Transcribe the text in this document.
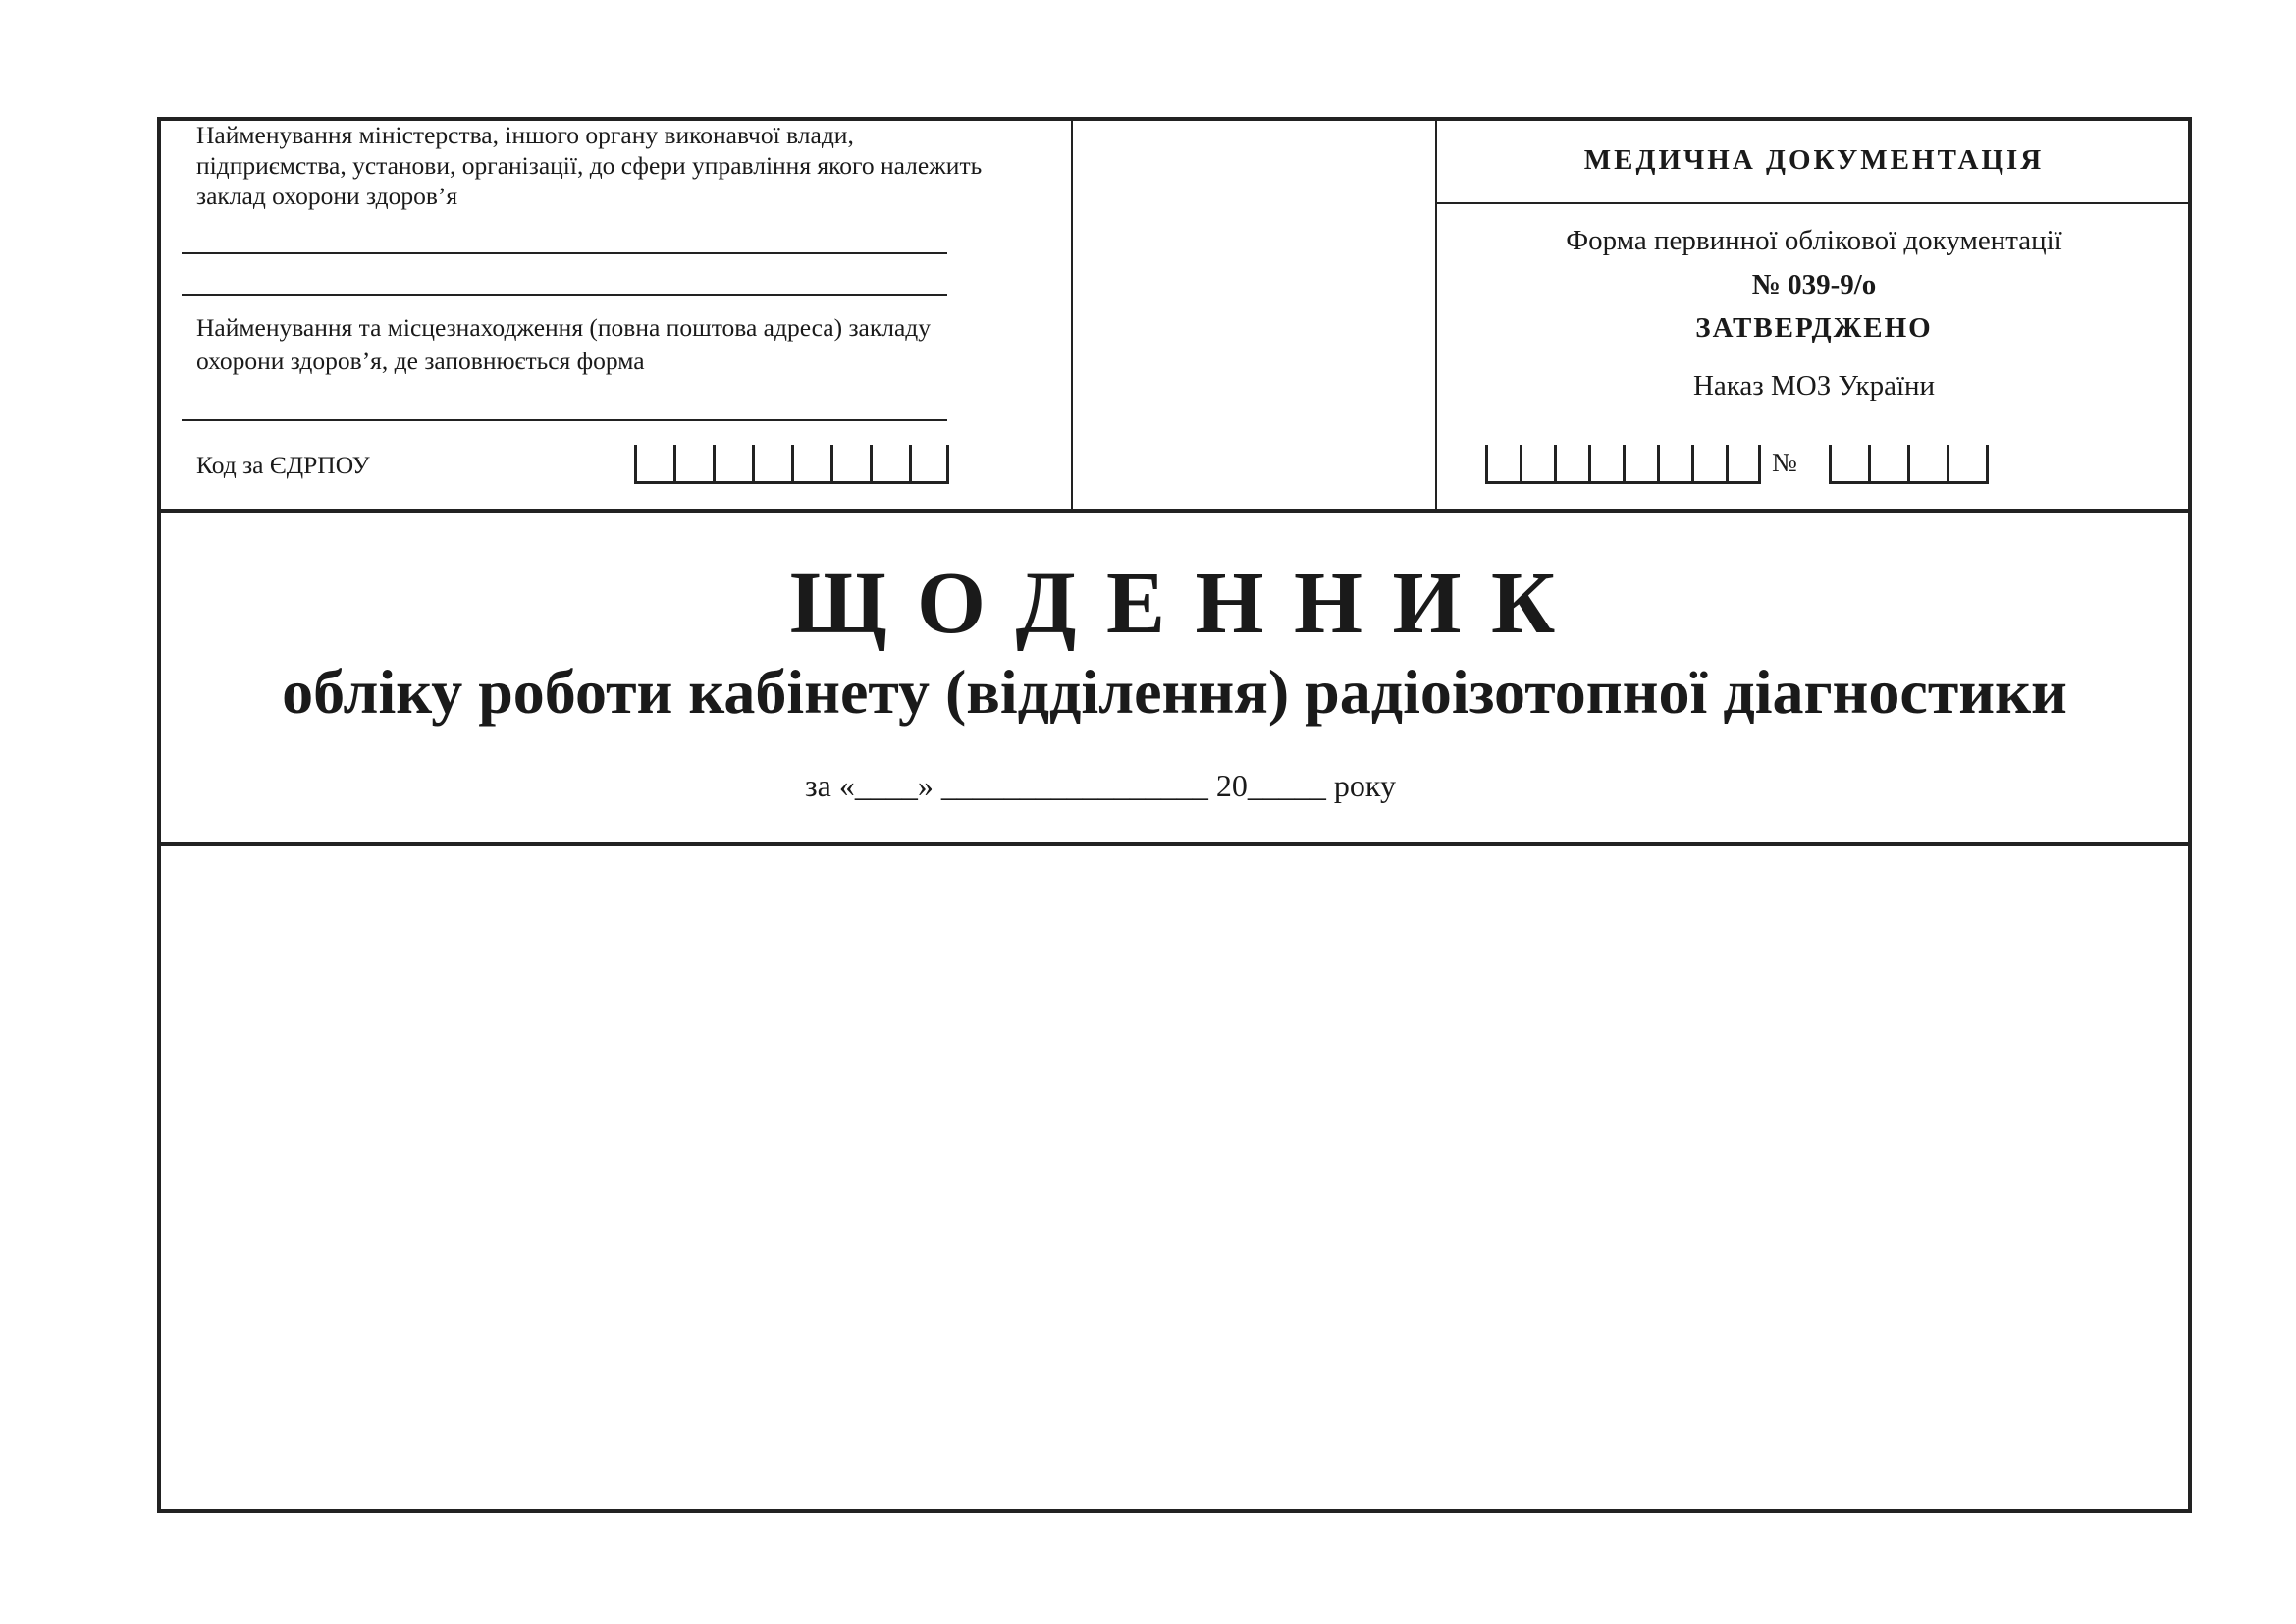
Найменування міністерства, іншого органу виконавчої влади,
підприємства, установи, організації, до сфери управління якого належить
заклад охорони здоров’я
Найменування та місцезнаходження (повна поштова адреса) закладу
охорони здоров’я, де заповнюється форма
Код за ЄДРПОУ
МЕДИЧНА ДОКУМЕНТАЦІЯ
Форма первинної облікової документації
№ 039-9/о
ЗАТВЕРДЖЕНО
Наказ МОЗ України
№
Щ О Д Е Н Н И К
обліку роботи кабінету (відділення) радіоізотопної діагностики
за «____» _________________ 20_____ року
